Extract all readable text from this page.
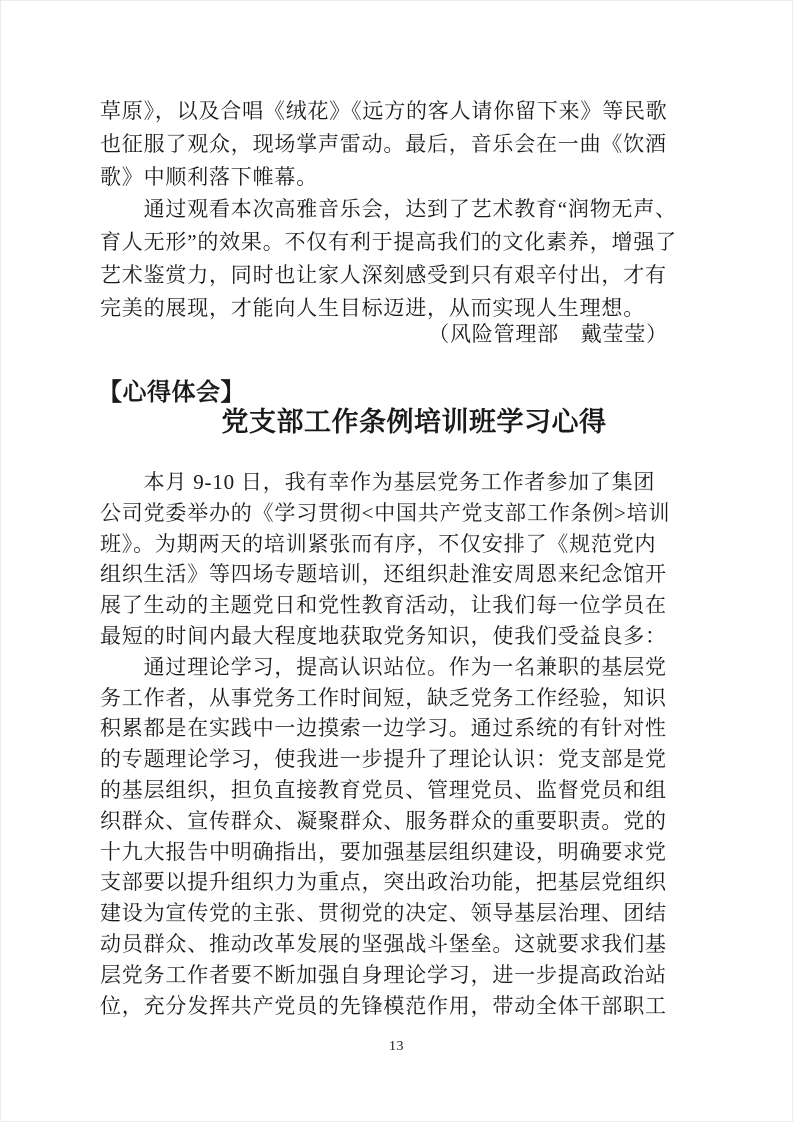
草原》，以及合唱《绒花》《远方的客人请你留下来》等民歌
也征服了观众，现场掌声雷动。最后，音乐会在一曲《饮酒
歌》中顺利落下帷幕。
　　通过观看本次高雅音乐会，达到了艺术教育“润物无声、
育人无形”的效果。不仅有利于提高我们的文化素养，增强了
艺术鉴赏力，同时也让家人深刻感受到只有艰辛付出，才有
完美的展现，才能向人生目标迈进，从而实现人生理想。
（风险管理部　戴莹莹）
【心得体会】
党支部工作条例培训班学习心得
　　本月 9-10 日，我有幸作为基层党务工作者参加了集团
公司党委举办的《学习贯彻<中国共产党支部工作条例>培训
班》。为期两天的培训紧张而有序，不仅安排了《规范党内
组织生活》等四场专题培训，还组织赴淮安周恩来纪念馆开
展了生动的主题党日和党性教育活动，让我们每一位学员在
最短的时间内最大程度地获取党务知识，使我们受益良多：
　　通过理论学习，提高认识站位。作为一名兼职的基层党
务工作者，从事党务工作时间短，缺乏党务工作经验，知识
积累都是在实践中一边摸索一边学习。通过系统的有针对性
的专题理论学习，使我进一步提升了理论认识：党支部是党
的基层组织，担负直接教育党员、管理党员、监督党员和组
织群众、宣传群众、凝聚群众、服务群众的重要职责。党的
十九大报告中明确指出，要加强基层组织建设，明确要求党
支部要以提升组织力为重点，突出政治功能，把基层党组织
建设为宣传党的主张、贯彻党的决定、领导基层治理、团结
动员群众、推动改革发展的坚强战斗堡垒。这就要求我们基
层党务工作者要不断加强自身理论学习，进一步提高政治站
位，充分发挥共产党员的先锋模范作用，带动全体干部职工
13
